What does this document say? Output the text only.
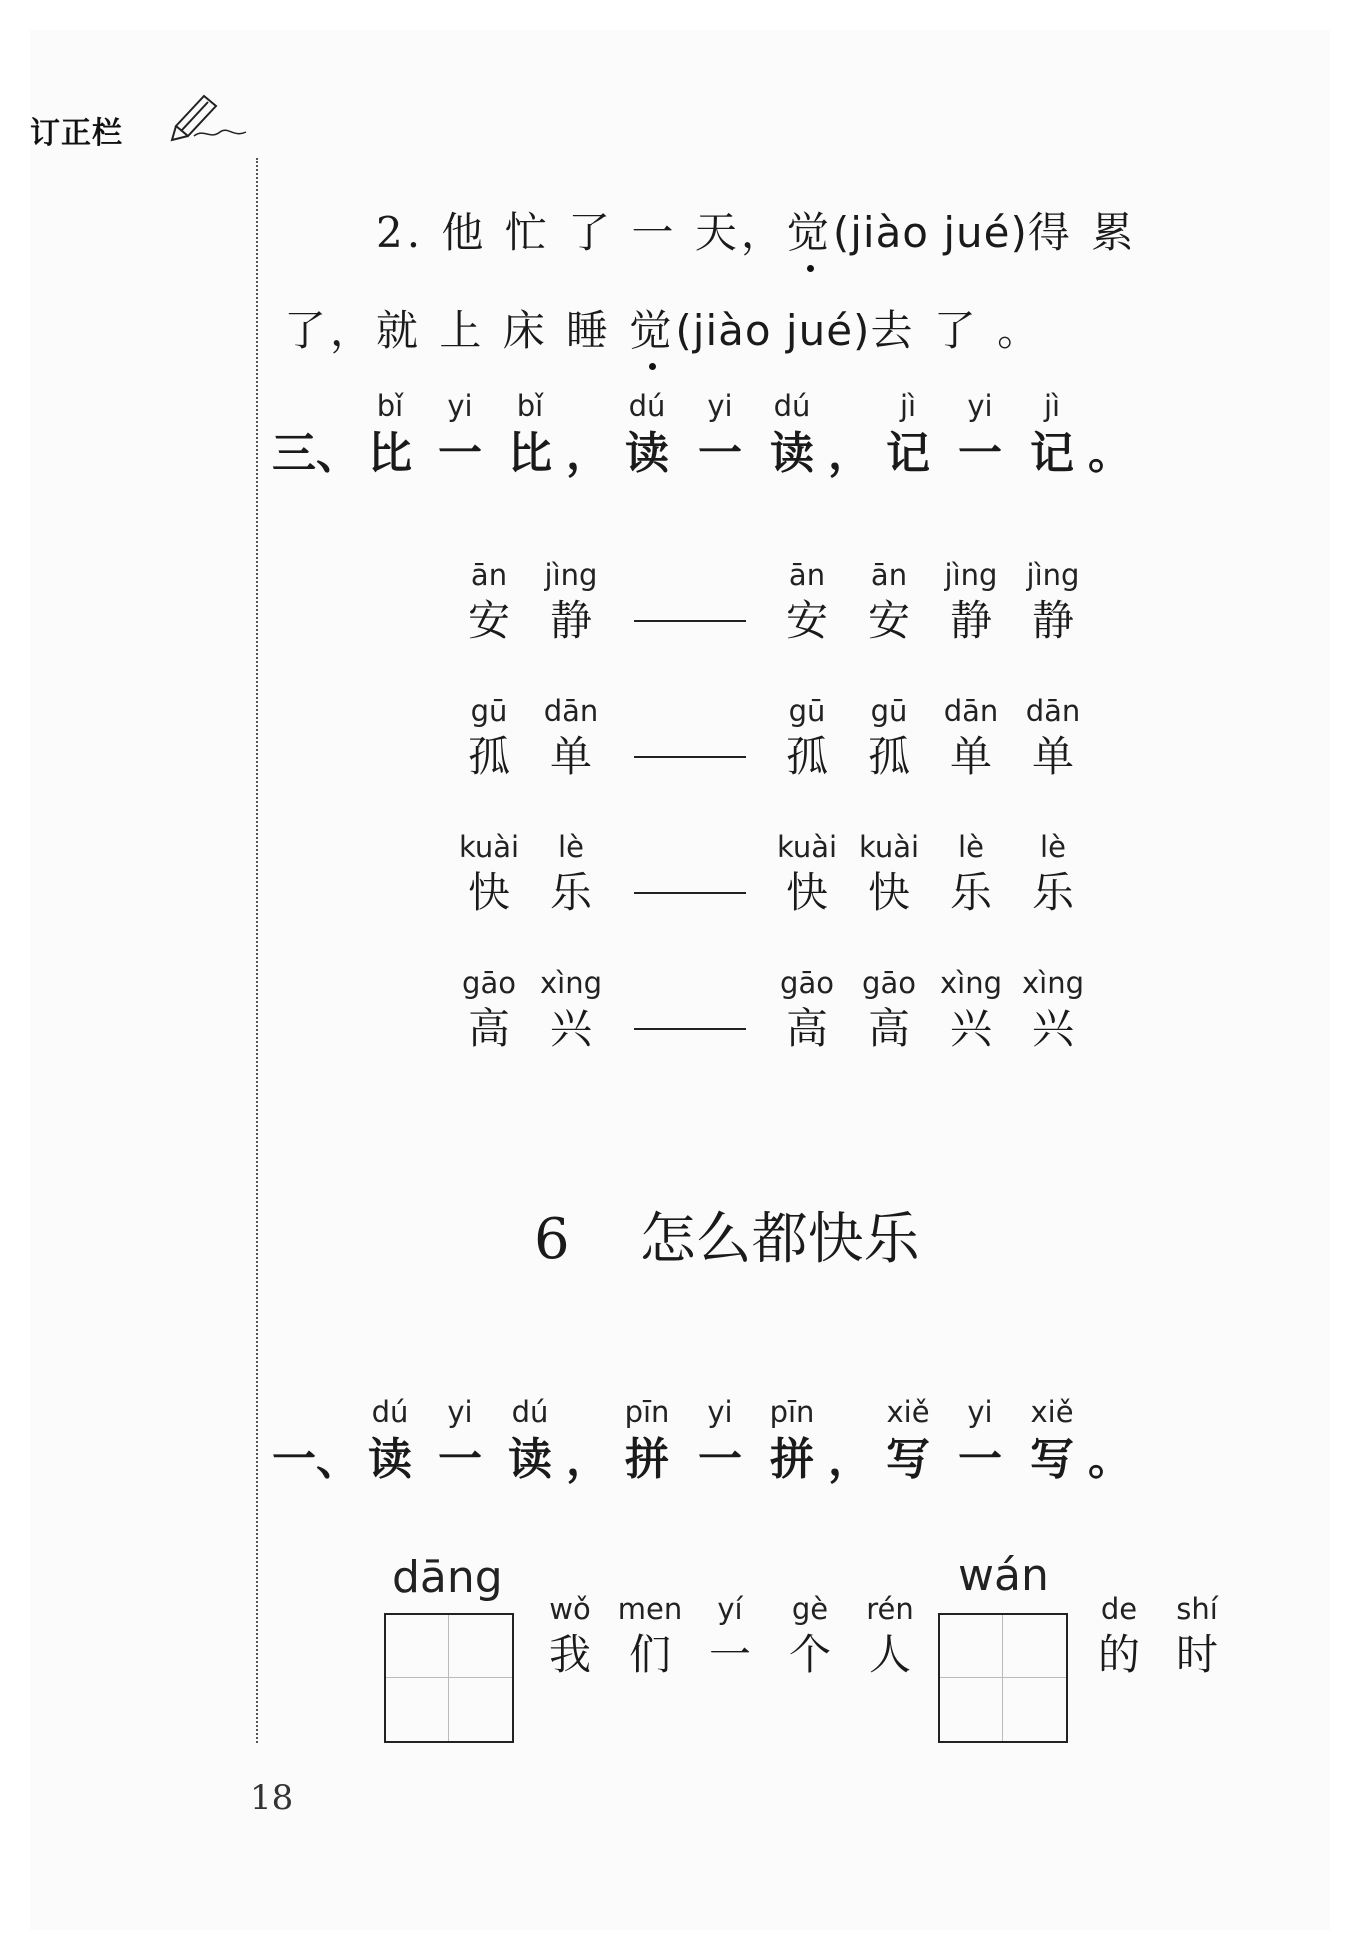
订正栏
2. 他 忙 了 一 天，觉(jiào jué)得 累
了，就 上 床 睡 觉(jiào jué)去 了 。
三、
bǐ
比
yi
一
bǐ
比 ，
dú
读
yi
一
dú
读 ，
jì
记
yi
一
jì
记 。
ān
安
jìng
静
ān
安
ān
安
jìng
静
jìng
静
gū
孤
dān
单
gū
孤
gū
孤
dān
单
dān
单
kuài
快
lè
乐
kuài
快
kuài
快
lè
乐
lè
乐
gāo
高
xìng
兴
gāo
高
gāo
高
xìng
兴
xìng
兴
6 怎么都快乐
一、
dú
读
yi
一
dú
读 ，
pīn
拼
yi
一
pīn
拼 ，
xiě
写
yi
一
xiě
写 。
dāng
wǒ
我
men
们
yí
一
gè
个
rén
人
wán
de
的
shí
时
18
